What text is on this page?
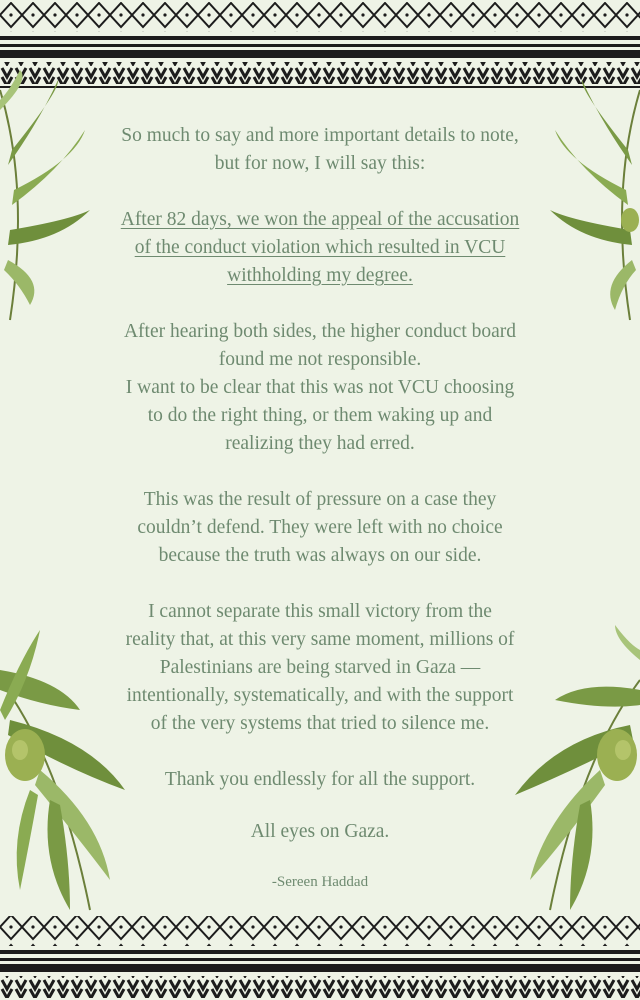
So much to say and more important details to note,
but for now, I will say this:

After 82 days, we won the appeal of the accusation
of the conduct violation which resulted in VCU
withholding my degree.

After hearing both sides, the higher conduct board
found me not responsible.
I want to be clear that this was not VCU choosing
to do the right thing, or them waking up and
realizing they had erred.

This was the result of pressure on a case they
couldn’t defend. They were left with no choice
because the truth was always on our side.

I cannot separate this small victory from the
reality that, at this very same moment, millions of
Palestinians are being starved in Gaza —
intentionally, systematically, and with the support
of the very systems that tried to silence me.

Thank you endlessly for all the support.

All eyes on Gaza.

-Sereen Haddad
